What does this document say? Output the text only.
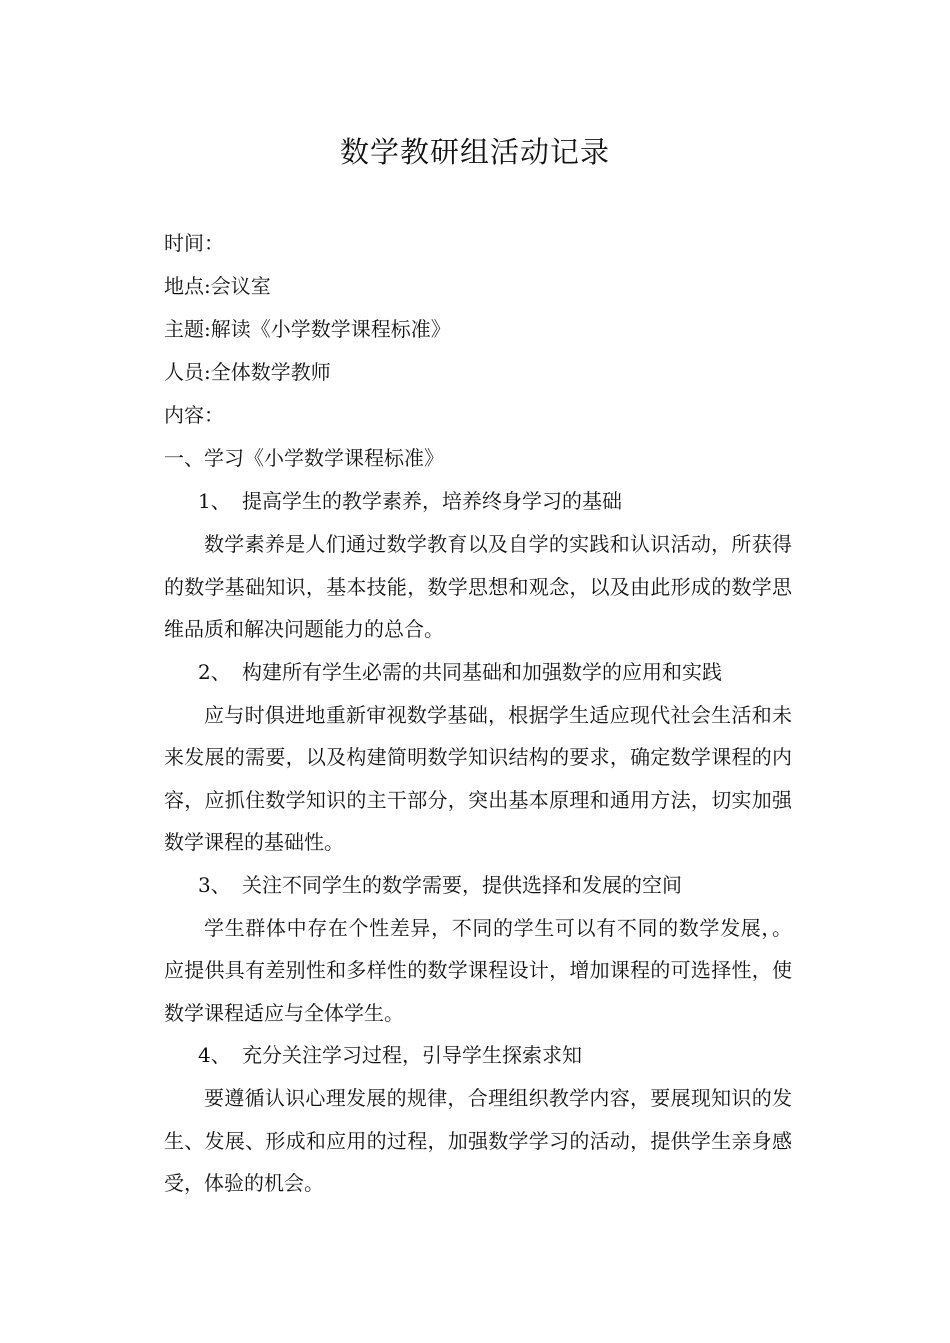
数学教研组活动记录

时间：

地点:会议室

主题:解读《小学数学课程标准》

人员:全体数学教师

内容：

一、学习《小学数学课程标准》

1、 提高学生的教学素养，培养终身学习的基础

数学素养是人们通过数学教育以及自学的实践和认识活动，所获得的数学基础知识，基本技能，数学思想和观念，以及由此形成的数学思维品质和解决问题能力的总合。

2、 构建所有学生必需的共同基础和加强数学的应用和实践

应与时俱进地重新审视数学基础，根据学生适应现代社会生活和未来发展的需要，以及构建简明数学知识结构的要求，确定数学课程的内容，应抓住数学知识的主干部分，突出基本原理和通用方法，切实加强数学课程的基础性。

3、 关注不同学生的数学需要，提供选择和发展的空间

学生群体中存在个性差异，不同的学生可以有不同的数学发展，。应提供具有差别性和多样性的数学课程设计，增加课程的可选择性，使数学课程适应与全体学生。

4、 充分关注学习过程，引导学生探索求知

要遵循认识心理发展的规律，合理组织教学内容，要展现知识的发生、发展、形成和应用的过程，加强数学学习的活动，提供学生亲身感受，体验的机会。
